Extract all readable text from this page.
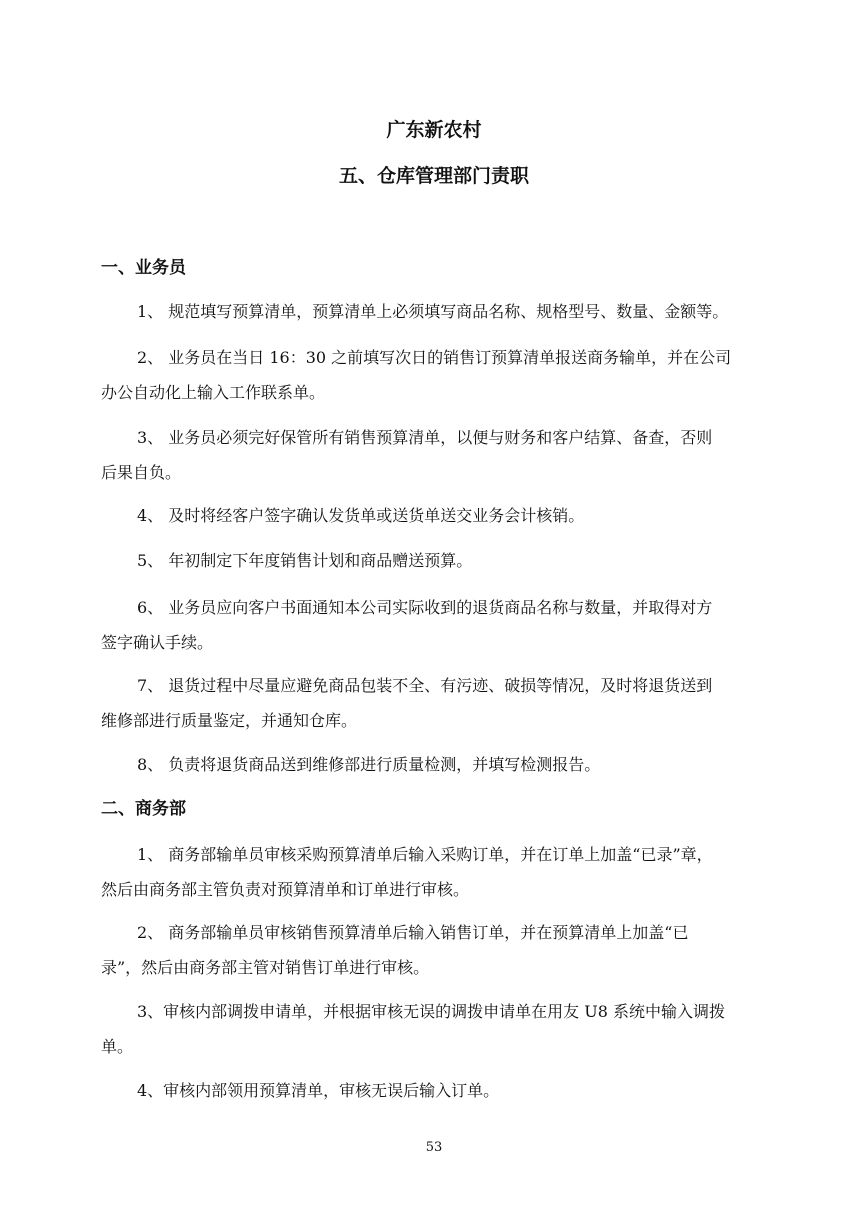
广东新农村
五、仓库管理部门责职
一、业务员
1、 规范填写预算清单，预算清单上必须填写商品名称、规格型号、数量、金额等。
2、 业务员在当日 16：30 之前填写次日的销售订预算清单报送商务输单，并在公司
办公自动化上输入工作联系单。
3、 业务员必须完好保管所有销售预算清单，以便与财务和客户结算、备查，否则
后果自负。
4、 及时将经客户签字确认发货单或送货单送交业务会计核销。
5、 年初制定下年度销售计划和商品赠送预算。
6、 业务员应向客户书面通知本公司实际收到的退货商品名称与数量，并取得对方
签字确认手续。
7、 退货过程中尽量应避免商品包装不全、有污迹、破损等情况，及时将退货送到
维修部进行质量鉴定，并通知仓库。
8、 负责将退货商品送到维修部进行质量检测，并填写检测报告。
二、商务部
1、 商务部输单员审核采购预算清单后输入采购订单，并在订单上加盖“已录”章，
然后由商务部主管负责对预算清单和订单进行审核。
2、 商务部输单员审核销售预算清单后输入销售订单，并在预算清单上加盖“已
录”，然后由商务部主管对销售订单进行审核。
3、审核内部调拨申请单，并根据审核无误的调拨申请单在用友 U8 系统中输入调拨
单。
4、审核内部领用预算清单，审核无误后输入订单。
53
